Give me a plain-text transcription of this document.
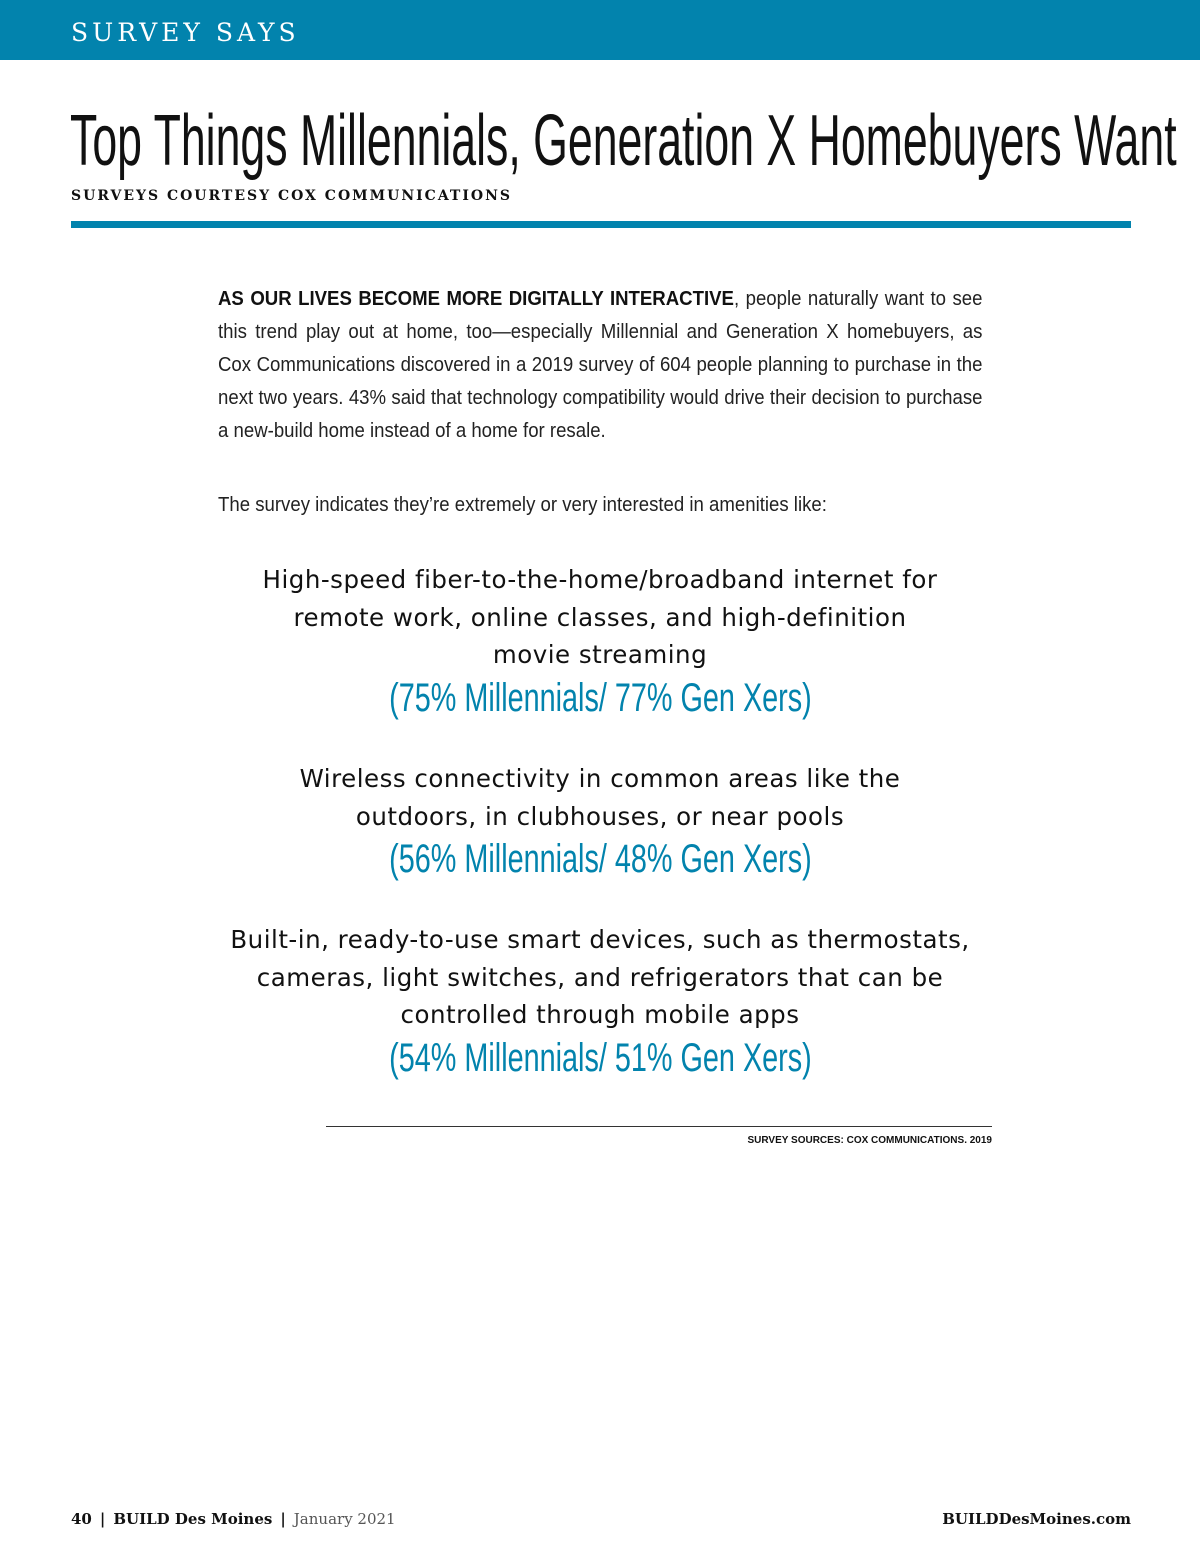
SURVEY SAYS
Top Things Millennials, Generation X Homebuyers Want
SURVEYS COURTESY COX COMMUNICATIONS

AS OUR LIVES BECOME MORE DIGITALLY INTERACTIVE, people naturally want to see this trend play out at home, too—especially Millennial and Generation X homebuyers, as Cox Communications discovered in a 2019 survey of 604 people planning to purchase in the next two years. 43% said that technology compatibility would drive their decision to purchase a new-build home instead of a home for resale.

The survey indicates they’re extremely or very interested in amenities like:

High-speed fiber-to-the-home/broadband internet for remote work, online classes, and high-definition movie streaming
(75% Millennials/ 77% Gen Xers)
Wireless connectivity in common areas like the outdoors, in clubhouses, or near pools
(56% Millennials/ 48% Gen Xers)
Built-in, ready-to-use smart devices, such as thermostats, cameras, light switches, and refrigerators that can be controlled through mobile apps
(54% Millennials/ 51% Gen Xers)
SURVEY SOURCES: COX COMMUNICATIONS. 2019
40 | BUILD Des Moines | January 2021	BUILDDesMoines.com
